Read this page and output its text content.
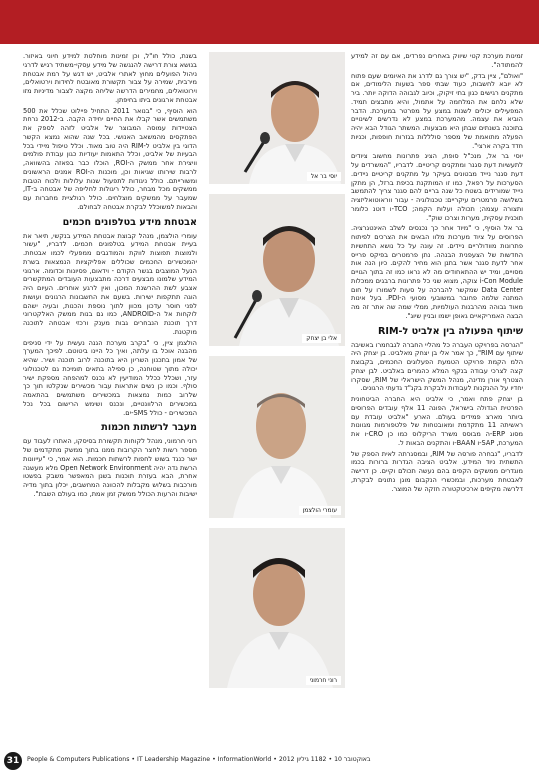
זמינות מערכת קטי שיווק באחרים נפרדים, אם עם זה למידע להמתודה".

"ואולם", ציין בדק, "יש צורך גם לדרג את האיומים שעם פתוח לא יובא לחשבות, כעוד שבתי ספר בשעות הלימודים, אם מתקנים רגישים כגון בתי זיקוק, וכיוב לגבוהה הדוקה יותר. ביר שלא נלחם את המלחמה על אתמול, והיא מתבצים תמיד. המפעילים יכולים לשנות במצע על מפרטר במערכת. הדבר הוביא את עצמה. מהמערכת במצע לא נדרשים לשינויים בתוכנה בשנתים שבתן היא מבצעות. המשתר הגודל הבא יהיה הפעלה מתואמת של מספר סולללות בגזרות חופפות, וכניות חדד בקרה ארצי".

יוסי בר אל, מנכ"ל סופת, הציג פתרונות מחשוב ציודים לתעשיות דעת סגנר ומתקנים קריטיים. לדבריו, "המשרדים על דעת סגנר ניייד מבטונים בעיקר על מתקנים קריטיים ניידים. הסערכות על רפאל, כמו זו המותקנת בכיפת ברזל, הן מתקן ניייד שמורידים בשטח כל שנה בריים להם סגנר צריך להתמשב בשלושה פרמטרים עיקריים: טכנולוגיה - עבור ווראוטואליזציה ותצורה עצמה; תכולה ועלות הקמה; TCO-ו דוטנ כלומר תוכנית עסקית, מערות וצרכו שוק".

בר אל הוסיף, כי "מיוד אחר כך נכנסים לשלב האינטגרציה. הפרוסים על ציוד מערכות מלוו הבאים את הצרכים לפיתוח פתרונות מוודולריים ניידים. זה עונה על כל נושא התחשיות החדשות של הצעפנית הבנהה. נתן פרמטרים בפיקס פרייס אחר לדעת סגנר אשר בתנן הוא מחיר להקים. כיון הנה אות מסויים, ומיד יש ההתאחודים מה לא נראו כמו זה בתוך הגויים i-Con Module צוקה, מצוא שני כל פתרונות ברבגים ממכלות Data Center שמקשר להברכה על סעות לשמורו על חום המתנה שלמה פחובר במשובעי מסועי ה-PDI. בעל אינות מאוד גבוהה מהרבנות העולמיות, ממלי שמה שה אתר זה מה הבצה האמריקאיים גאופן ישמו ובניין שיוג".

שיתוף הפעולה בין אלביט ל-RIM

"הגרסה בפרויקט העברה כל מהליי החברה לגבחמרו באשיבה שיתוף עם RIM", כך אמר אלי בן יצחק מאלביט. בן יצחק היה הלמ הקמת פרויקט הטמעת הפעלוגים החכמים, בקבוצת קצה לצרכי עבודה בנקף המלא כהמרים באלביט. לבן יצחק הצטרף אורן מדינה, מנהל המשק הישראלי של RIM, שסקרו יחדיו על ההנקנות לעבודות ולבקרת בקנ"ד גדעתי הרגונים.

בן יצחק פתח ואמר, כי אלביט היא החברה הביטחונית הפרטית הגדולה בישראל, הפונה 11 אלף עובדים הפרוסים ביותר מארצ פמידים בעולם. הארע "אלביט עובדת עם ראשיתה 11 מתקדמת ומאובטחות של פלטפורמות מגוונות מסוג ERP-ה מבוסס משרד הריקלוס כמו כן CRO-ו את המערכת, SAP-ו BAAN-ו והתקנים הבאות ל.

לדבריו, "נבחרה פורסה של RIM, ובמסגרתה לאית הספק של התשתית ניוד המידע. אלביט הציבה הגדרות ברורות בכמו מוגדרים ממשקים הקפים בהם נעשה תכולם וקיים. כן דרישה לאבטחת מערכות, ובמכשרי הנקבום מוגן נתונים לבקרת, דלרשה מקיפים ארכיטקטורה חזקה של המוצר.

יוסי בר אל
אלי בן יצחק
עומרי הולצמן
רוני חרמוני

בשנת, כולל חו"ל, וכן זמינות מוחלטת למידע חיוני באיזור. בנושא צורת דרישה להנגשה של מידע עסקי-משתיד רגיש לדרגי ניהול הפועלים מחוץ לאתרי אלביט, יש דגש על רמת אבטחת מירבית, שמירה על צבור תקשורת מאובטח לחידות וירטואלים, וירוטואלים, מחמירים הדרשה שליחה מקצה לצבור מדיניות מזו אבטחת ארגונים ביתו בחיפתן.

הוא הוסיף, כי "בנואר 2011 התחיל פיילוט שכלל את 500 משתמשים אשר קבלו את החיים יחידה הקבה. ב-2012 נרחת הצטיידות עמוסה המבוצר של אלביט לזהה לספק את הפתקסים מהמשאב האנושי. בכל שנה שהוא נמצא הקשר הדוגי בין אלביט ל-RIM היה טוב מאוד. וכלל טיפול מיידי בכל הבעיות של אלביט, וכלל התאמות יעודיות כגון עבודת פולמים וויצירת אחר ממשק ה-ROI, הוכלו כבר בפאזה בהשוואה, לרבות שירותו שגיאות וכן, מוכנות ה-ROI אמנים הראשונים ומשורייתם. כולל ניגודות לתפעול שנות עלולות ולכוח הטבות ממשקים מכל מבחר, כולל ריגולות לחליפה של אבטחה ב-IT, שמעבר על ממשקים מוצלחים. כולל רגולציית מחברות עם והבאות למשוכלל לבקרת אבטחה לבחולם.

אבטחת מידע בטלפונים חכמים

עומרי הולצמן, מנהל קבוצת אבטחת המידע בנקשי, תיאר את בעיית אבטחת המידע בטלפונים חכמים. לדבריו, "עשור ולמוצות תפוצות לווקת והמודגבים ממפעלי לכמו אבטחת. יהמכשירים החכמים שכוללים אפליקציות הנמצאות בשרת הנעל המוצבים בגשר הקודם - וידאום, פסיונות וכדומה. ארגוני המידע שלמונו מבצעים דרכה מתבצעות העובדים המתקשרים אצבע לשת ההרשנת המכון, ואין לרגע אוחרים. העיום היה הוגה תתקפות ישירות. בשעם את החשבונות הרגונים ועושות לפני חוסר עדכון מכוון לתוך נוספת והכנות, ובעיה ישהם לוקחות אל ה-ANDROID, כמו גם בנות ממשק האלקטרוני דרך תוכנת הנבחרים גבות מענק ורכזי אבטחה לתוכנה מוקטנת.

הולצמן ציין, כי "בקרב מערכת הגנה נעשית על ידי סניפים מהבנה אוכל בו עלתה, ואיך כל היינו ביטוטם. לפיכך המערך של אמון בתכנון השריון היא בתוכנה לרוב תוכנה ושיר. שהיא יכולה מתוך שטוחנה, כן ספילה בתאים תומיכת גם לטכנולוגי עזר, ושכלל ככלל המודיעין לא נכנס למהפחה מספקת ישיר סולף. וכמו כן נשים אתראות עבור מכשירים שנקלטו תוך כך שלרוב כמות נמצאות במכשירים משתמשים בהתאמה במכשירים הרלוונטיים, ונכנס ושימש הרישום בכל נכל המכשירים - כולל SMS-ים.

מעבר לרשתות חכמות

רוני חרמוני, מנהל לקוחות תקשורת בסיסקו, האתרו לעבוד עם מספר רשות לחצר הקרובות ממנו בתוך ממשק מתקדמים של ישר כנגד בשוש לחפות לרשתות חכמות. הוא אמר, כי "עייוונות הרשת נדה יהיה Open Network Environment מלא מעשנה אחרת, הבא בעזרת תוכנות בשנן המאפשר משבק בפשטו מורכבות בשלוש מקבלות להכוונה המחשבים, יכלון בתוך מדיה ישיבות והרעות הכולל ממשק זמן אמת, כמו בעולם השבת".

31	People & Computers Publications • IT Leadership Magazine • InformationWorld • 2012 באוקטובר 10 • 1182 גיליון
